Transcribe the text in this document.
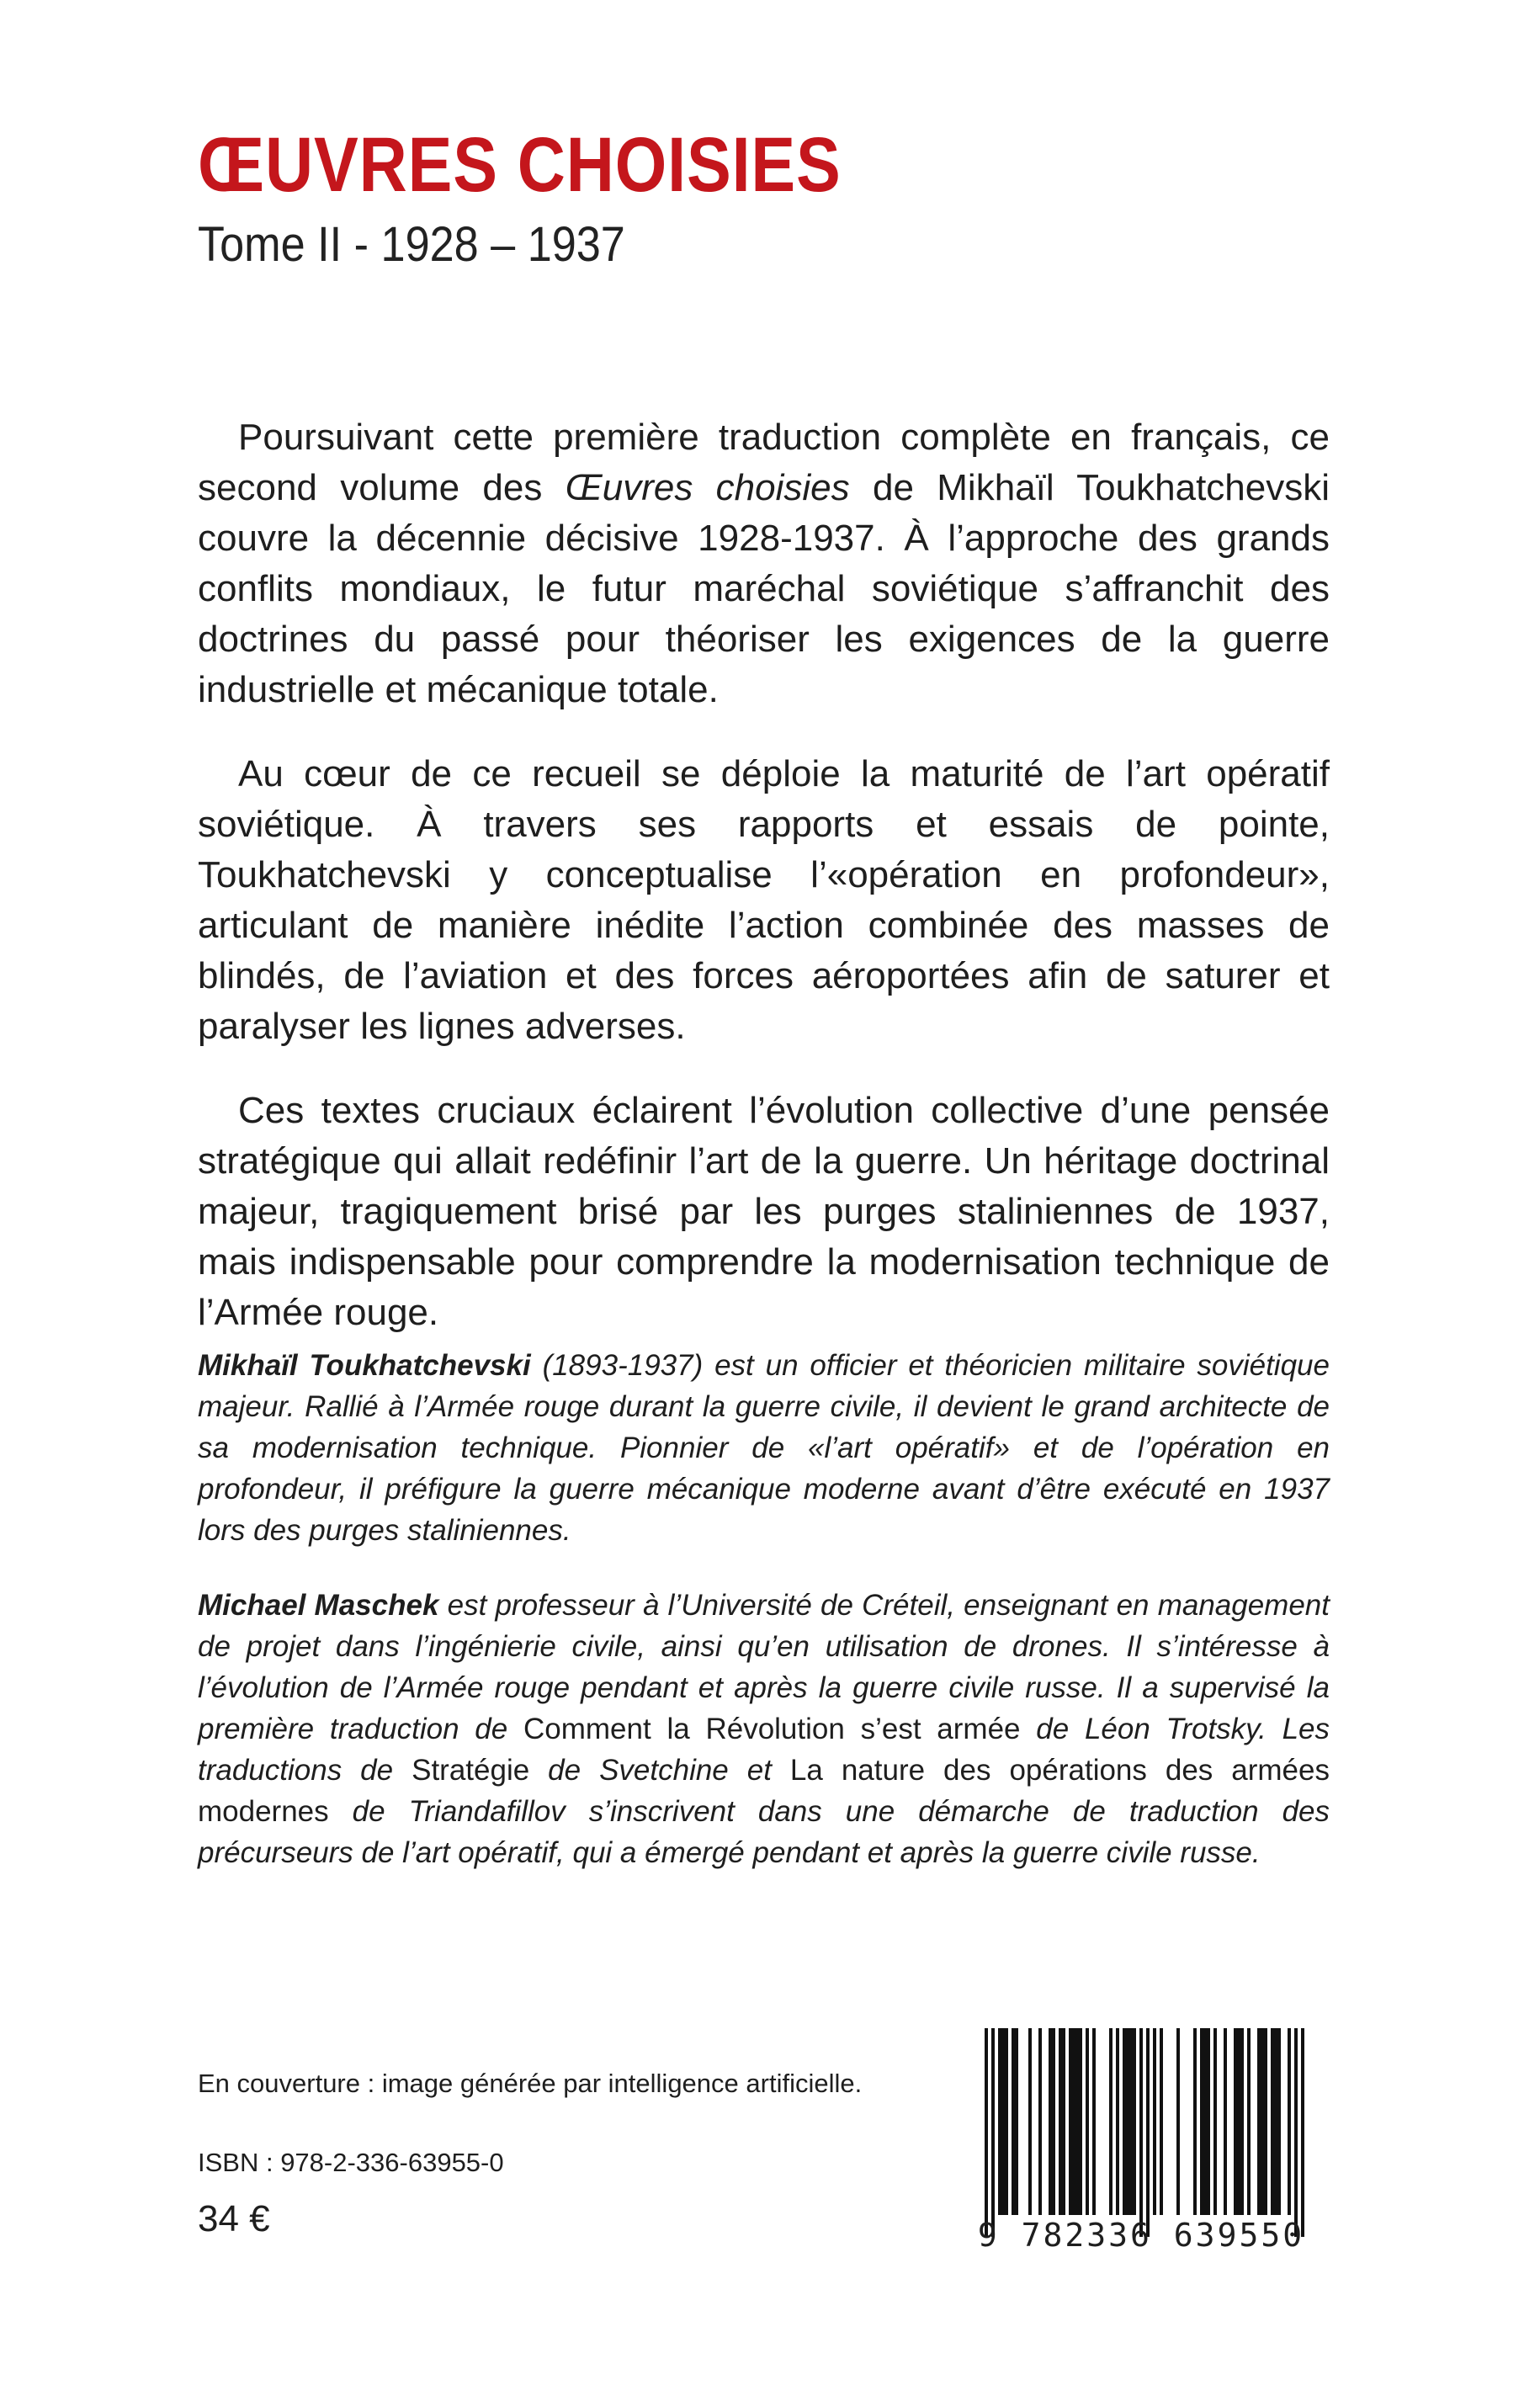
ŒUVRES CHOISIES
Tome II - 1928 – 1937

Poursuivant cette première traduction complète en français, ce second volume des Œuvres choisies de Mikhaïl Toukhatchevski couvre la décennie décisive 1928-1937. À l’approche des grands conflits mondiaux, le futur maréchal soviétique s’affranchit des doctrines du passé pour théoriser les exigences de la guerre industrielle et mécanique totale.

Au cœur de ce recueil se déploie la maturité de l’art opératif soviétique. À travers ses rapports et essais de pointe, Toukhatchevski y conceptualise l’«opération en profondeur», articulant de manière inédite l’action combinée des masses de blindés, de l’aviation et des forces aéroportées afin de saturer et paralyser les lignes adverses.

Ces textes cruciaux éclairent l’évolution collective d’une pensée stratégique qui allait redéfinir l’art de la guerre. Un héritage doctrinal majeur, tragiquement brisé par les purges staliniennes de 1937, mais indispensable pour comprendre la modernisation technique de l’Armée rouge.

Mikhaïl Toukhatchevski (1893-1937) est un officier et théoricien militaire soviétique majeur. Rallié à l’Armée rouge durant la guerre civile, il devient le grand architecte de sa modernisation technique. Pionnier de «l’art opératif» et de l’opération en profondeur, il préfigure la guerre mécanique moderne avant d’être exécuté en 1937 lors des purges staliniennes.

Michael Maschek est professeur à l’Université de Créteil, enseignant en management de projet dans l’ingénierie civile, ainsi qu’en utilisation de drones. Il s’intéresse à l’évolution de l’Armée rouge pendant et après la guerre civile russe. Il a supervisé la première traduction de Comment la Révolution s’est armée de Léon Trotsky. Les traductions de Stratégie de Svetchine et La nature des opérations des armées modernes de Triandafillov s’inscrivent dans une démarche de traduction des précurseurs de l’art opératif, qui a émergé pendant et après la guerre civile russe.

En couverture : image générée par intelligence artificielle.
ISBN : 978-2-336-63955-0
34 €	9 782336 639550
